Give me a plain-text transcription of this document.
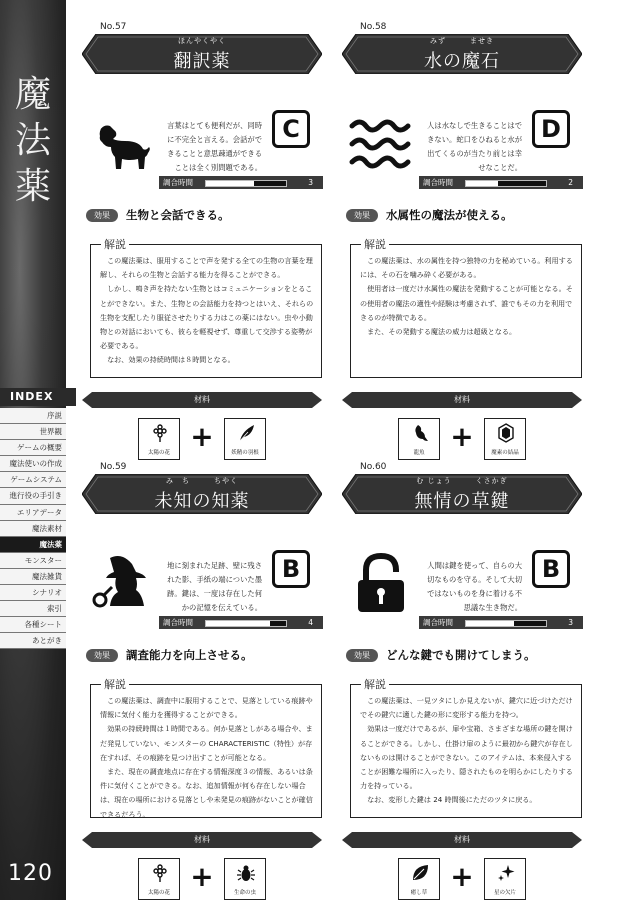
魔法薬
INDEX
序説
世界観
ゲームの概要
魔法使いの作成
ゲームシステム
進行役の手引き
エリアデータ
魔法素材
魔法薬
モンスター
魔法雑貨
シナリオ
索引
各種シート
あとがき
120
No.57
ほんやくやく
翻訳薬
言葉はとても便利だが、同時に不完全と言える。会話ができることと意思疎通ができることは全く別問題である。
C
調合時間	3
効果	生物と会話できる。
解説

この魔法薬は、服用することで声を発する全ての生物の言葉を理解し、それらの生物と会話する能力を得ることができる。

しかし、鳴き声を持たない生物とはコミュニケーションをとることができない。また、生物との会話能力を持つとはいえ、それらの生物を支配したり服従させたりする力はこの薬にはない。虫や小動物との対話においても、彼らを軽視せず、尊重して交渉する姿勢が必要である。

なお、効果の持続時間は８時間となる。

材料
太陽の花	妖精の羽根
+
No.58
みず　　　ませき
水の魔石
人は水なしで生きることはできない。蛇口をひねると水が出てくるのが当たり前とは幸せなことだ。
D
調合時間	2
効果	水属性の魔法が使える。
解説

この魔法薬は、水の属性を持つ独特の力を秘めている。利用するには、その石を噛み砕く必要がある。

使用者は一度だけ水属性の魔法を発動することが可能となる。その使用者の魔法の適性や経験は考慮されず、誰でもその力を利用できるのが特徴である。

また、その発動する魔法の威力は超級となる。

材料
龍魚	魔素の結晶
+
No.59
み　ち　　　ちやく
未知の知薬
地に刻まれた足跡、壁に残された影、手紙の端についた墨跡。鍵は、一度は存在した何かの記憶を伝えている。
B
調合時間	4
効果	調査能力を向上させる。
解説

この魔法薬は、調査中に服用することで、見落としている痕跡や情報に気付く能力を獲得することができる。

効果の持続時間は１時間である。何か見落としがある場合や、まだ発見していない、モンスターの CHARACTERISTIC（特性）が存在すれば、その痕跡を見つけ出すことが可能となる。

また、現在の調査地点に存在する情報深度３の情報、あるいは条件に気付くことができる。なお、追加情報が何も存在しない場合は、現在の場所における見落としや未発見の痕跡がないことが確信できるだろう。

材料
太陽の花	生命の虫
+
No.60
む じょう　　　くさかぎ
無情の草鍵
人間は鍵を使って、自らの大切なものを守る。そして大切ではないものを身に着ける不思議な生き物だ。
B
調合時間	3
効果	どんな鍵でも開けてしまう。
解説

この魔法薬は、一見ツタにしか見えないが、鍵穴に近づけただけでその鍵穴に適した鍵の形に変形する能力を持つ。

効果は一度だけであるが、扉や宝箱、さまざまな場所の鍵を開けることができる。しかし、仕掛け扉のように最初から鍵穴が存在しないものは開けることができない。このアイテムは、本来侵入することが困難な場所に入ったり、隠されたものを明らかにしたりする力を持っている。

なお、変形した鍵は 24 時間後にただのツタに戻る。

材料
癒し草	星の欠片
+
